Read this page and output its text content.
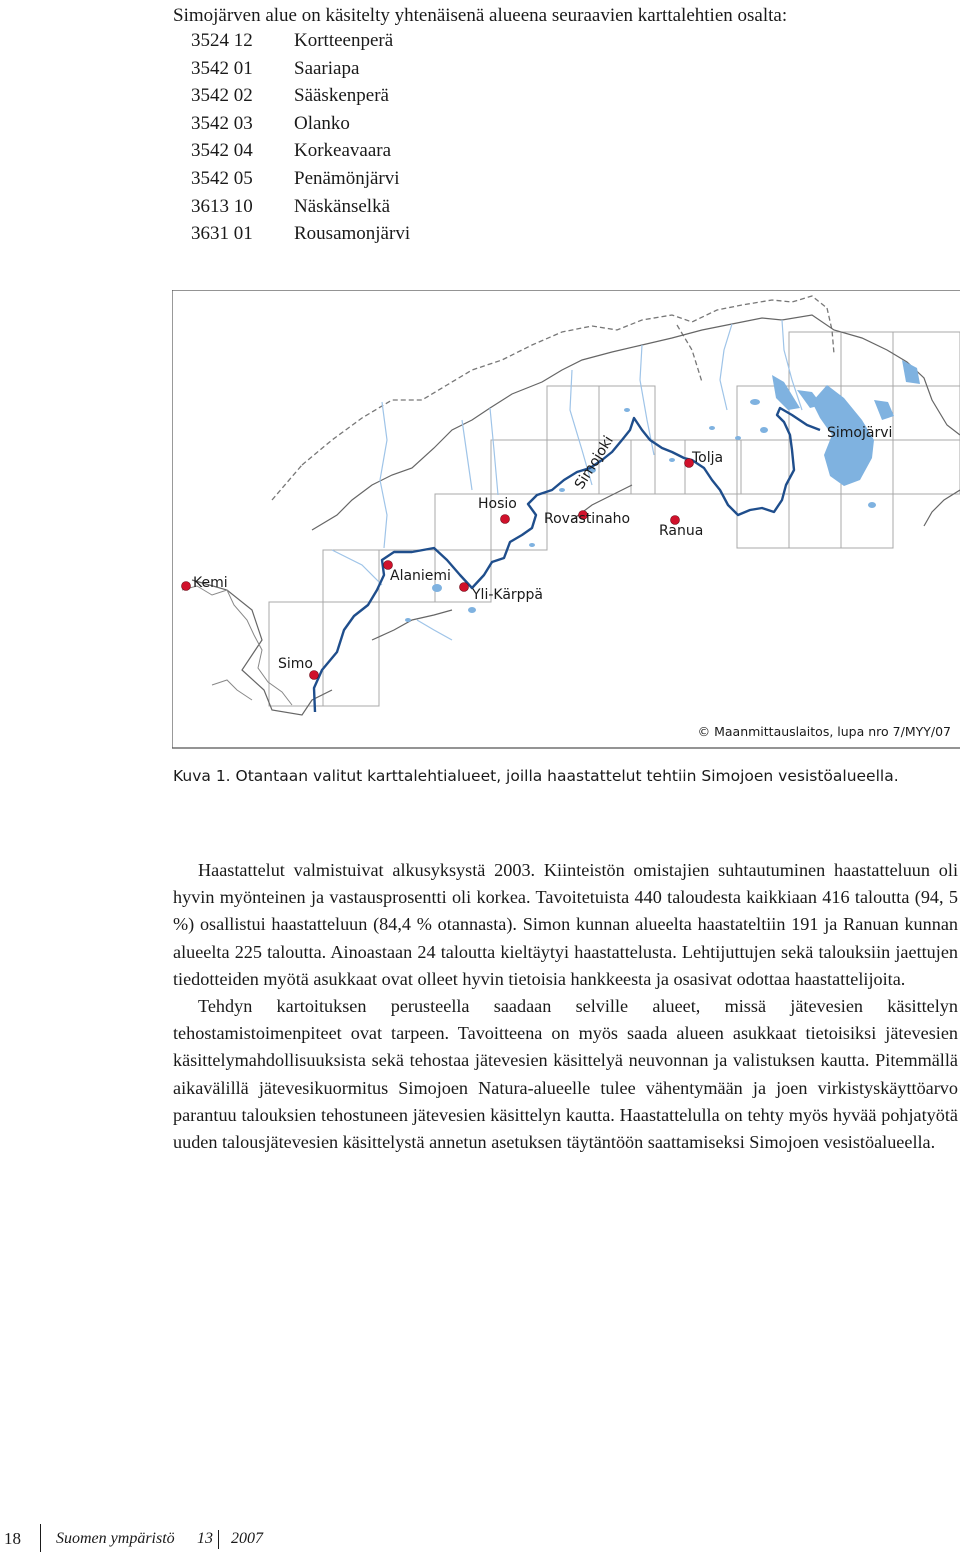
Simojärven alue on käsitelty yhtenäisenä alueena seuraavien karttalehtien osalta:
3524 12	Kortteenperä
3542 01	Saariapa
3542 02	Sääskenperä
3542 03	Olanko
3542 04	Korkeavaara
3542 05	Penämönjärvi
3613 10	Näskänselkä
3631 01	Rousamonjärvi
Kemi
Simo
Alaniemi
Yli-Kärppä
Hosio
Rovastinaho
Simojoki	Tolja
Ranua
Simojärvi
© Maanmittauslaitos, lupa nro 7/MYY/07
Kuva 1. Otantaan valitut karttalehtialueet, joilla haastattelut tehtiin Simojoen vesistöalueella.

Haastattelut valmistuivat alkusyksystä 2003. Kiinteistön omistajien suhtautuminen haastatteluun oli hyvin myönteinen ja vastausprosentti oli korkea. Tavoitetuista 440 taloudesta kaikkiaan 416 taloutta (94, 5 %) osallistui haastatteluun (84,4 % otannasta). Simon kunnan alueelta haastateltiin 191 ja Ranuan kunnan alueelta 225 taloutta. Ainoastaan 24 taloutta kieltäytyi haastattelusta. Lehtijuttujen sekä talouksiin jaettujen tiedotteiden myötä asukkaat ovat olleet hyvin tietoisia hankkeesta ja osasivat odottaa haastattelijoita.

Tehdyn kartoituksen perusteella saadaan selville alueet, missä jätevesien käsittelyn tehostamistoimenpiteet ovat tarpeen. Tavoitteena on myös saada alueen asukkaat tietoisiksi jätevesien käsittelymahdollisuuksista sekä tehostaa jätevesien käsittelyä neuvonnan ja valistuksen kautta. Pitemmällä aikavälillä jätevesikuormitus Simojoen Natura-alueelle tulee vähentymään ja joen virkistyskäyttöarvo parantuu talouksien tehostuneen jätevesien käsittelyn kautta. Haastattelulla on tehty myös hyvää pohjatyötä uuden talousjätevesien käsittelystä annetun asetuksen täytäntöön saattamiseksi Simojoen vesistöalueella.

18 Suomen ympäristö 13 2007
